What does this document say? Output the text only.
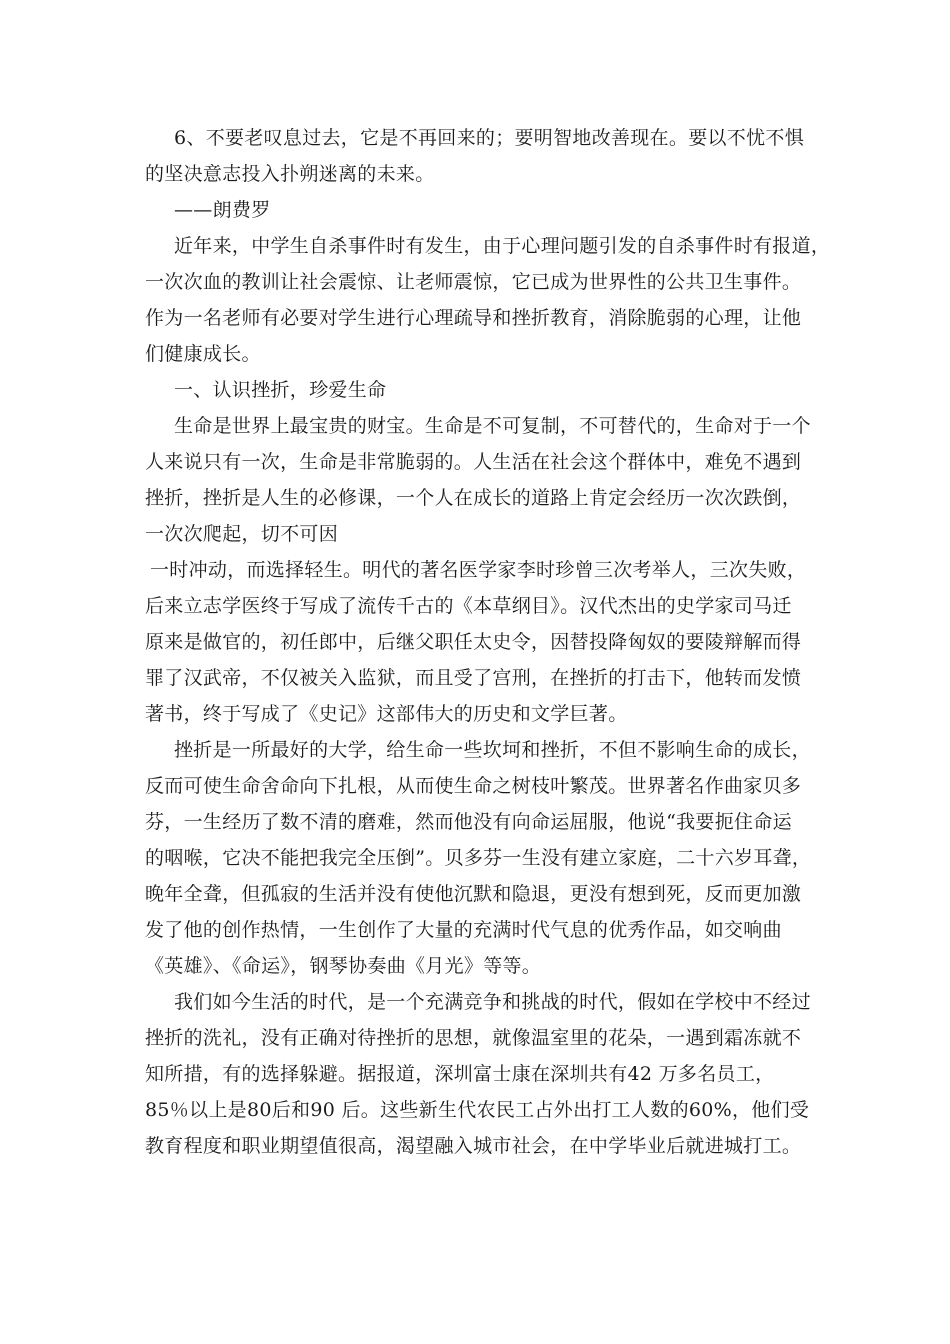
6、不要老叹息过去，它是不再回来的；要明智地改善现在。要以不忧不惧
的坚决意志投入扑朔迷离的未来。
——朗费罗
近年来，中学生自杀事件时有发生，由于心理问题引发的自杀事件时有报道，
一次次血的教训让社会震惊、让老师震惊，它已成为世界性的公共卫生事件。
作为一名老师有必要对学生进行心理疏导和挫折教育，消除脆弱的心理，让他
们健康成长。
一、认识挫折，珍爱生命
生命是世界上最宝贵的财宝。生命是不可复制，不可替代的，生命对于一个
人来说只有一次，生命是非常脆弱的。人生活在社会这个群体中，难免不遇到
挫折，挫折是人生的必修课，一个人在成长的道路上肯定会经历一次次跌倒，
一次次爬起，切不可因
一时冲动，而选择轻生。明代的著名医学家李时珍曾三次考举人，三次失败，
后来立志学医终于写成了流传千古的《本草纲目》。汉代杰出的史学家司马迁
原来是做官的，初任郎中，后继父职任太史令，因替投降匈奴的要陵辩解而得
罪了汉武帝，不仅被关入监狱，而且受了宫刑，在挫折的打击下，他转而发愤
著书，终于写成了《史记》这部伟大的历史和文学巨著。
挫折是一所最好的大学，给生命一些坎坷和挫折，不但不影响生命的成长，
反而可使生命舍命向下扎根，从而使生命之树枝叶繁茂。世界著名作曲家贝多
芬，一生经历了数不清的磨难，然而他没有向命运屈服，他说“我要扼住命运
的咽喉，它决不能把我完全压倒”。贝多芬一生没有建立家庭，二十六岁耳聋，
晚年全聋，但孤寂的生活并没有使他沉默和隐退，更没有想到死，反而更加激
发了他的创作热情，一生创作了大量的充满时代气息的优秀作品，如交响曲
《英雄》、《命运》，钢琴协奏曲《月光》等等。
我们如今生活的时代，是一个充满竞争和挑战的时代，假如在学校中不经过
挫折的洗礼，没有正确对待挫折的思想，就像温室里的花朵，一遇到霜冻就不
知所措，有的选择躲避。据报道，深圳富士康在深圳共有42 万多名员工，
85％以上是80后和90 后。这些新生代农民工占外出打工人数的60%，他们受
教育程度和职业期望值很高，渴望融入城市社会，在中学毕业后就进城打工。
